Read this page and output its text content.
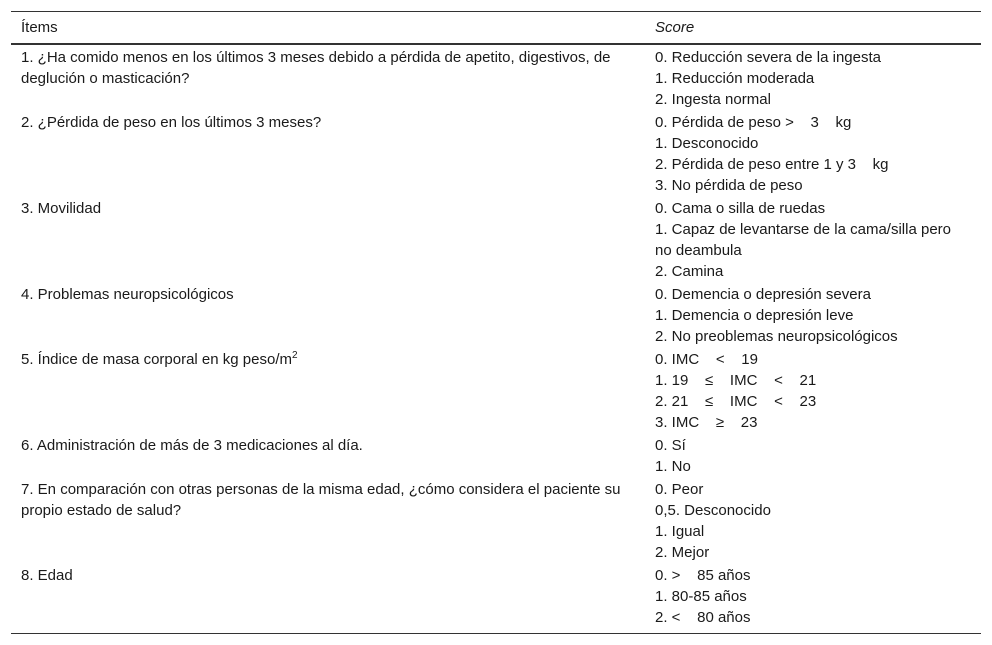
Ítems	Score
1. ¿Ha comido menos en los últimos 3 meses debido a pérdida de apetito, digestivos, de deglución o masticación?	0. Reducción severa de la ingesta
1. Reducción moderada
2. Ingesta normal

2. ¿Pérdida de peso en los últimos 3 meses?	0. Pérdida de peso >    3    kg
1. Desconocido
2. Pérdida de peso entre 1 y 3    kg
3. No pérdida de peso

3. Movilidad	0. Cama o silla de ruedas
1. Capaz de levantarse de la cama/silla pero no deambula
2. Camina

4. Problemas neuropsicológicos	0. Demencia o depresión severa
1. Demencia o depresión leve
2. No preoblemas neuropsicológicos

5. Índice de masa corporal en kg peso/$m^2$	0. IMC    <    19
1. 19    ≤    IMC    <    21
2. 21    ≤    IMC    <    23
3. IMC    ≥    23

6. Administración de más de 3 medicaciones al día.	0. Sí
1. No

7. En comparación con otras personas de la misma edad, ¿cómo considera el paciente su propio estado de salud?	0. Peor
0,5. Desconocido
1. Igual
2. Mejor

8. Edad	0. >    85 años
1. 80-85 años
2. <    80 años
